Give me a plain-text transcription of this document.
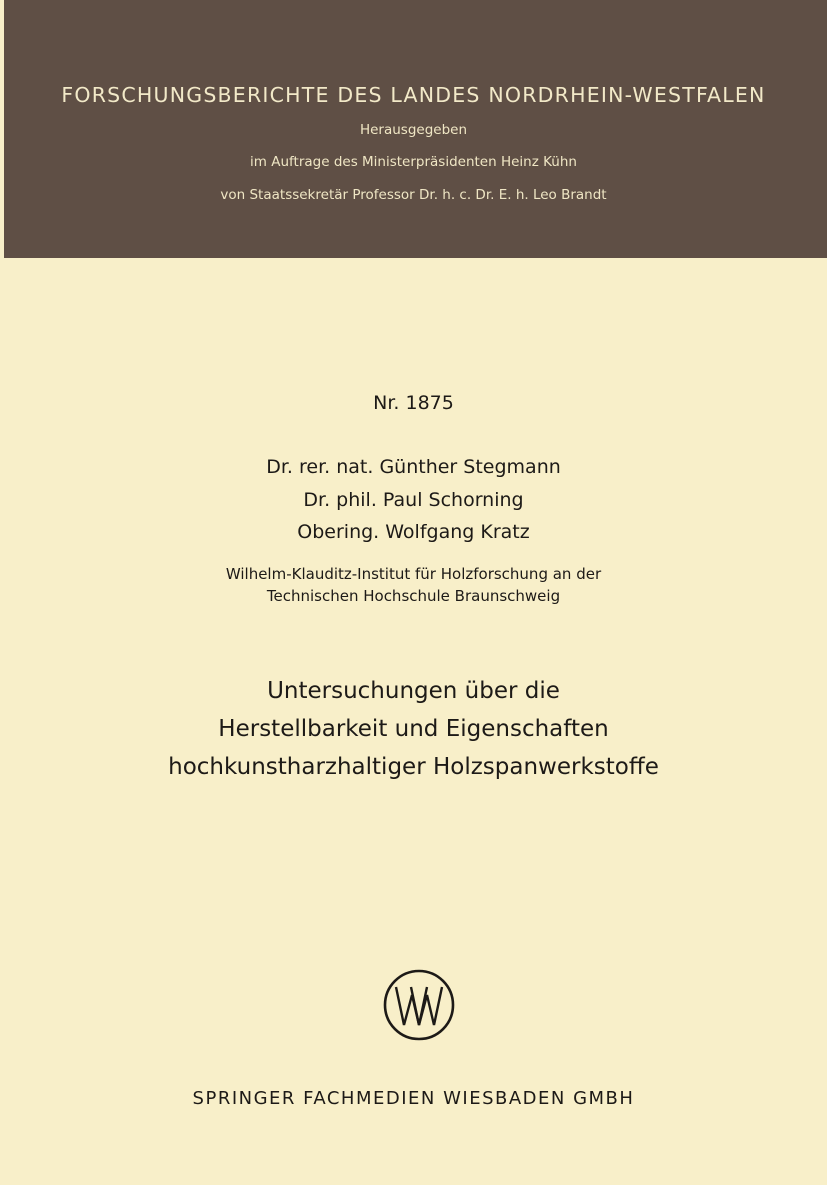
FORSCHUNGSBERICHTE DES LANDES NORDRHEIN-WESTFALEN
Herausgegeben
im Auftrage des Ministerpräsidenten Heinz Kühn
von Staatssekretär Professor Dr. h. c. Dr. E. h. Leo Brandt
Nr. 1875
Dr. rer. nat. Günther Stegmann
Dr. phil. Paul Schorning
Obering. Wolfgang Kratz
Wilhelm-Klauditz-Institut für Holzforschung an der
Technischen Hochschule Braunschweig
Untersuchungen über die
Herstellbarkeit und Eigenschaften
hochkunstharzhaltiger Holzspanwerkstoffe
SPRINGER FACHMEDIEN WIESBADEN GMBH
